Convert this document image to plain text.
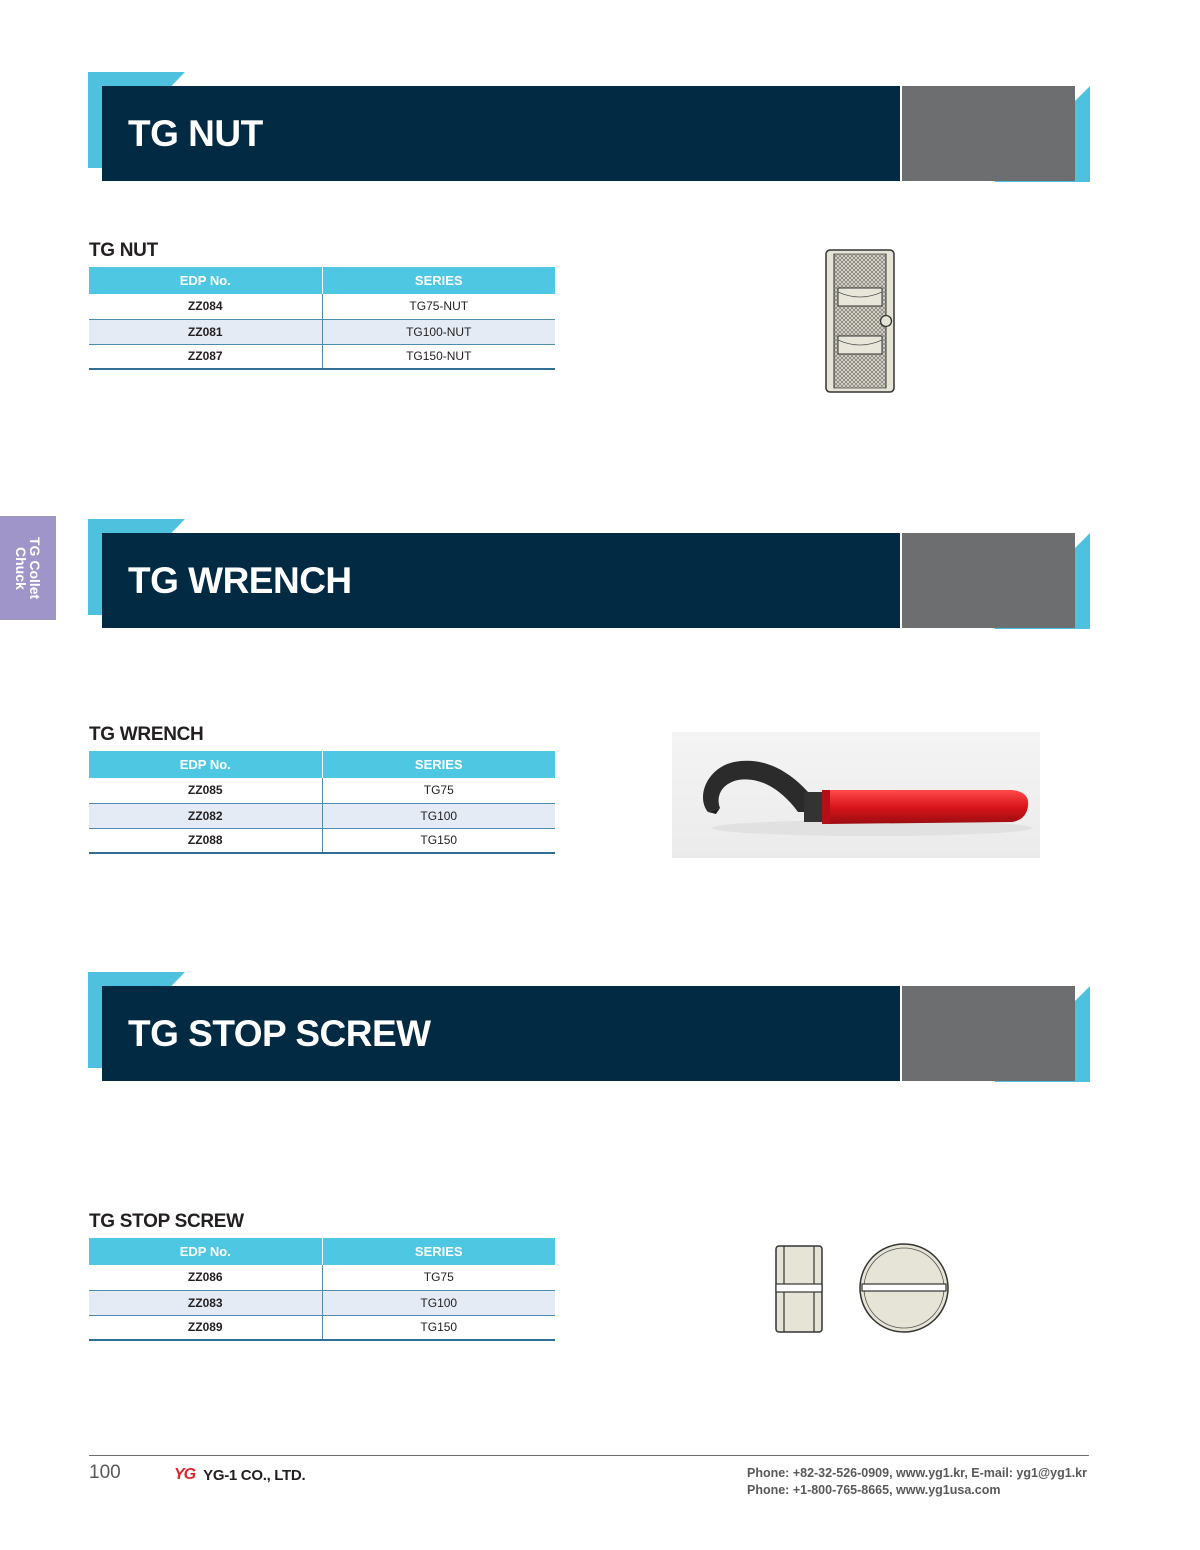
TG Collet
Chuck
TG NUT
TG NUT
EDP No.	SERIES
ZZ084	TG75-NUT
ZZ081	TG100-NUT
ZZ087	TG150-NUT
TG WRENCH
TG WRENCH
EDP No.	SERIES
ZZ085	TG75
ZZ082	TG100
ZZ088	TG150
TG STOP SCREW
TG STOP SCREW
EDP No.	SERIES
ZZ086	TG75
ZZ083	TG100
ZZ089	TG150
100	YG YG-1 CO., LTD.	Phone: +82-32-526-0909, www.yg1.kr, E-mail: yg1@yg1.kr
Phone: +1-800-765-8665, www.yg1usa.com
